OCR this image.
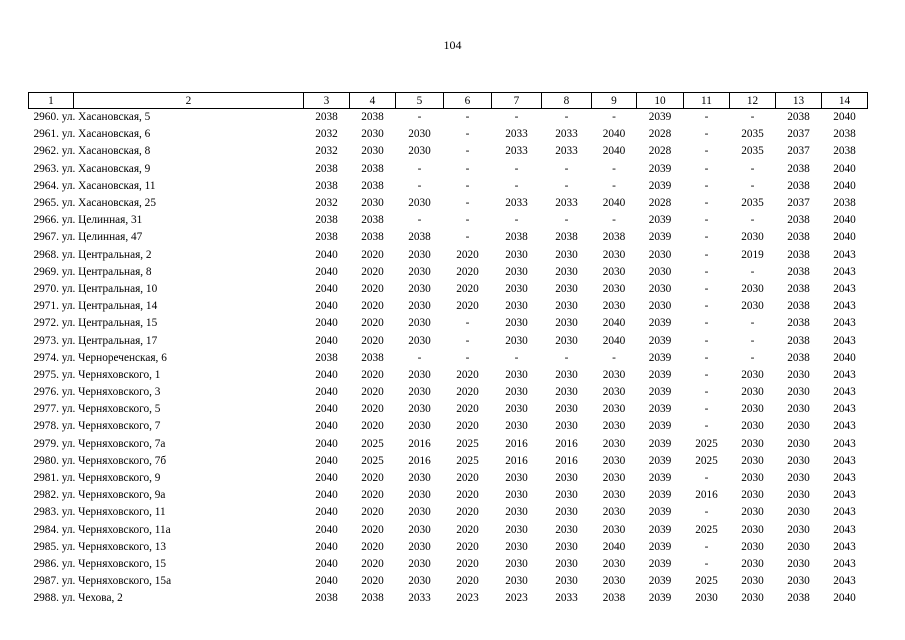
104
1	2	3	4	5	6	7	8	9	10	11	12	13	14
2960. ул. Хасановская, 5		2038	2038	-	-	-	-	-	2039	-	-	2038	2040
2961. ул. Хасановская, 6		2032	2030	2030	-	2033	2033	2040	2028	-	2035	2037	2038
2962. ул. Хасановская, 8		2032	2030	2030	-	2033	2033	2040	2028	-	2035	2037	2038
2963. ул. Хасановская, 9		2038	2038	-	-	-	-	-	2039	-	-	2038	2040
2964. ул. Хасановская, 11		2038	2038	-	-	-	-	-	2039	-	-	2038	2040
2965. ул. Хасановская, 25		2032	2030	2030	-	2033	2033	2040	2028	-	2035	2037	2038
2966. ул. Целинная, 31		2038	2038	-	-	-	-	-	2039	-	-	2038	2040
2967. ул. Целинная, 47		2038	2038	2038	-	2038	2038	2038	2039	-	2030	2038	2040
2968. ул. Центральная, 2		2040	2020	2030	2020	2030	2030	2030	2030	-	2019	2038	2043
2969. ул. Центральная, 8		2040	2020	2030	2020	2030	2030	2030	2030	-	-	2038	2043
2970. ул. Центральная, 10		2040	2020	2030	2020	2030	2030	2030	2030	-	2030	2038	2043
2971. ул. Центральная, 14		2040	2020	2030	2020	2030	2030	2030	2030	-	2030	2038	2043
2972. ул. Центральная, 15		2040	2020	2030	-	2030	2030	2040	2039	-	-	2038	2043
2973. ул. Центральная, 17		2040	2020	2030	-	2030	2030	2040	2039	-	-	2038	2043
2974. ул. Чернореченская, 6		2038	2038	-	-	-	-	-	2039	-	-	2038	2040
2975. ул. Черняховского, 1		2040	2020	2030	2020	2030	2030	2030	2039	-	2030	2030	2043
2976. ул. Черняховского, 3		2040	2020	2030	2020	2030	2030	2030	2039	-	2030	2030	2043
2977. ул. Черняховского, 5		2040	2020	2030	2020	2030	2030	2030	2039	-	2030	2030	2043
2978. ул. Черняховского, 7		2040	2020	2030	2020	2030	2030	2030	2039	-	2030	2030	2043
2979. ул. Черняховского, 7а		2040	2025	2016	2025	2016	2016	2030	2039	2025	2030	2030	2043
2980. ул. Черняховского, 7б		2040	2025	2016	2025	2016	2016	2030	2039	2025	2030	2030	2043
2981. ул. Черняховского, 9		2040	2020	2030	2020	2030	2030	2030	2039	-	2030	2030	2043
2982. ул. Черняховского, 9а		2040	2020	2030	2020	2030	2030	2030	2039	2016	2030	2030	2043
2983. ул. Черняховского, 11		2040	2020	2030	2020	2030	2030	2030	2039	-	2030	2030	2043
2984. ул. Черняховского, 11а		2040	2020	2030	2020	2030	2030	2030	2039	2025	2030	2030	2043
2985. ул. Черняховского, 13		2040	2020	2030	2020	2030	2030	2040	2039	-	2030	2030	2043
2986. ул. Черняховского, 15		2040	2020	2030	2020	2030	2030	2030	2039	-	2030	2030	2043
2987. ул. Черняховского, 15а		2040	2020	2030	2020	2030	2030	2030	2039	2025	2030	2030	2043
2988. ул. Чехова, 2		2038	2038	2033	2023	2023	2033	2038	2039	2030	2030	2038	2040
